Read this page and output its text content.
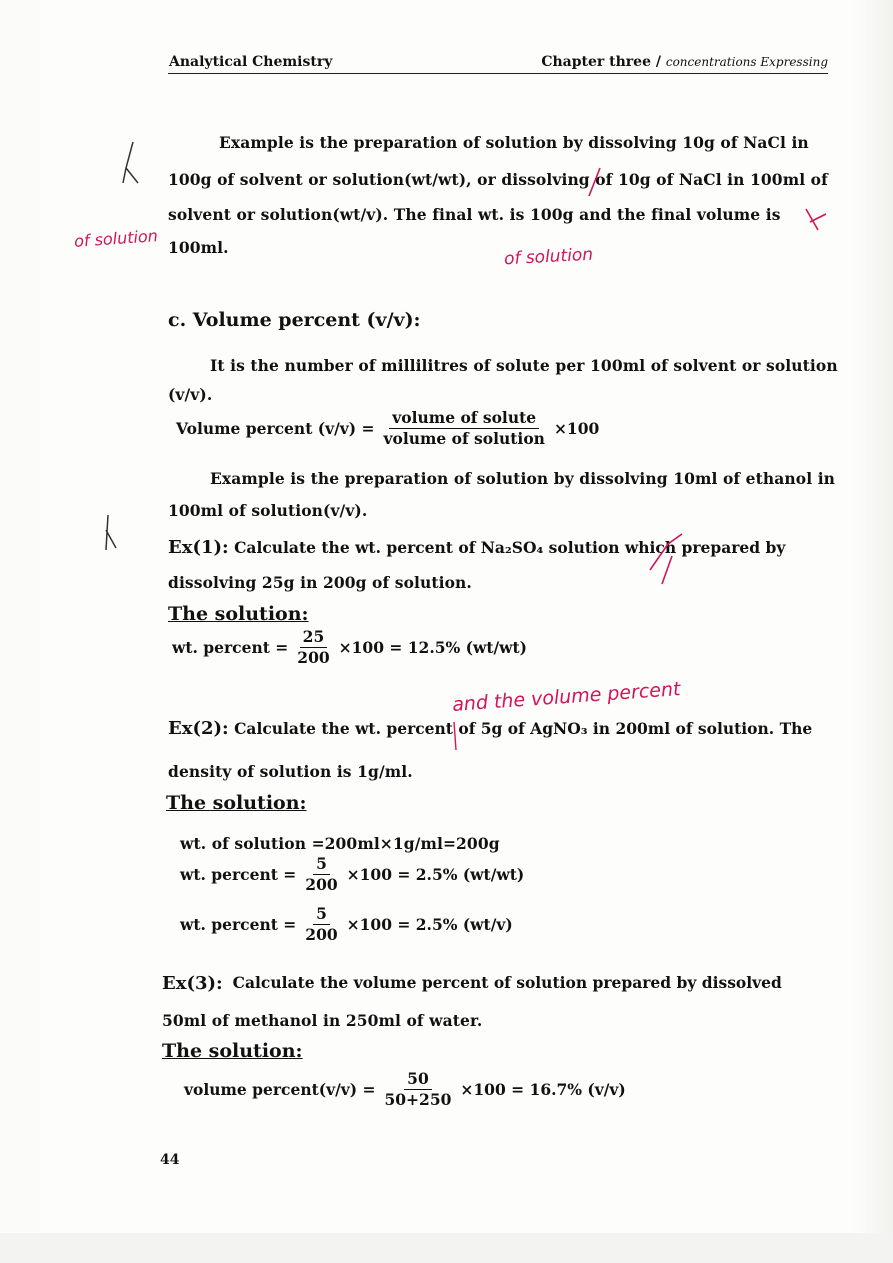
Analytical Chemistry	Chapter three / concentrations Expressing
Example is the preparation of solution by dissolving 10g of NaCl in
100g of solvent or solution(wt/wt), or dissolving of 10g of NaCl in 100ml of
solvent or solution(wt/v). The final wt. is 100g and the final volume is
100ml.
c. Volume percent (v/v):
It is the number of millilitres of solute per 100ml of solvent or solution
(v/v).
Volume percent $(v/v) = \frac{\text{volume of solute}}{\text{volume of solution}} \times 100$
Example is the preparation of solution by dissolving 10ml of ethanol in
100ml of solution(v/v).
Ex(1): Calculate the wt. percent of Na₂SO₄ solution which prepared by
dissolving 25g in 200g of solution.
The solution:
wt. percent = $\frac{25}{200} \times 100 = 12.5\%$ (wt/wt)
Ex(2): Calculate the wt. percent of 5g of AgNO₃ in 200ml of solution. The
density of solution is 1g/ml.
The solution:
wt. of solution =200ml×1g/ml=200g
wt. percent = $\frac{5}{200} \times 100 = 2.5\%$ (wt/wt)
wt. percent = $\frac{5}{200} \times 100 = 2.5\%$ (wt/v)
Ex(3): Calculate the volume percent of solution prepared by dissolved
50ml of methanol in 250ml of water.
The solution:
volume percent(v/v) = $\frac{50}{50+250} \times 100 = 16.7\%$ (v/v)
44
of solution
of solution
and the volume percent
